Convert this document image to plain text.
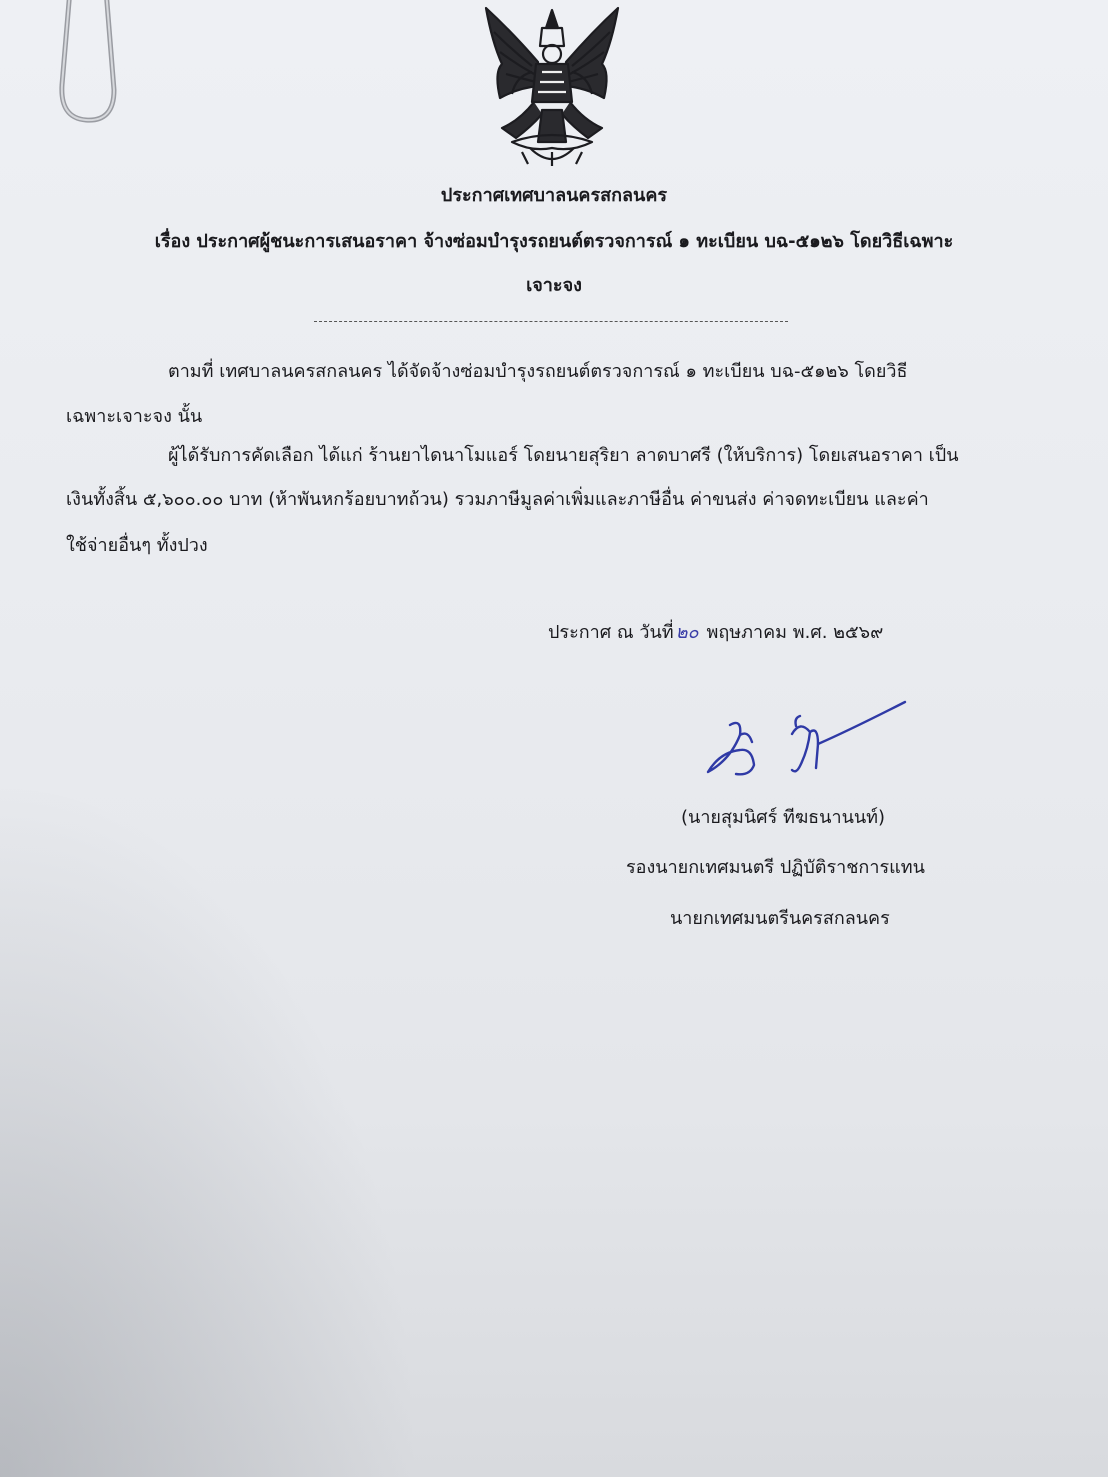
ประกาศเทศบาลนครสกลนคร
เรื่อง ประกาศผู้ชนะการเสนอราคา จ้างซ่อมบำรุงรถยนต์ตรวจการณ์ ๑ ทะเบียน บฉ-๕๑๒๖ โดยวิธีเฉพาะ
เจาะจง
ตามที่ เทศบาลนครสกลนคร ได้จัดจ้างซ่อมบำรุงรถยนต์ตรวจการณ์ ๑ ทะเบียน บฉ-๕๑๒๖ โดยวิธี
เฉพาะเจาะจง นั้น
ผู้ได้รับการคัดเลือก ได้แก่ ร้านยาไดนาโมแอร์ โดยนายสุริยา ลาดบาศรี (ให้บริการ) โดยเสนอราคา เป็น
เงินทั้งสิ้น ๕,๖๐๐.๐๐ บาท (ห้าพันหกร้อยบาทถ้วน) รวมภาษีมูลค่าเพิ่มและภาษีอื่น ค่าขนส่ง ค่าจดทะเบียน และค่า
ใช้จ่ายอื่นๆ ทั้งปวง
ประกาศ ณ วันที่ ๒๐ พฤษภาคม พ.ศ. ๒๕๖๙
(นายสุมนิศร์ ทีฆธนานนท์)
รองนายกเทศมนตรี ปฏิบัติราชการแทน
นายกเทศมนตรีนครสกลนคร
